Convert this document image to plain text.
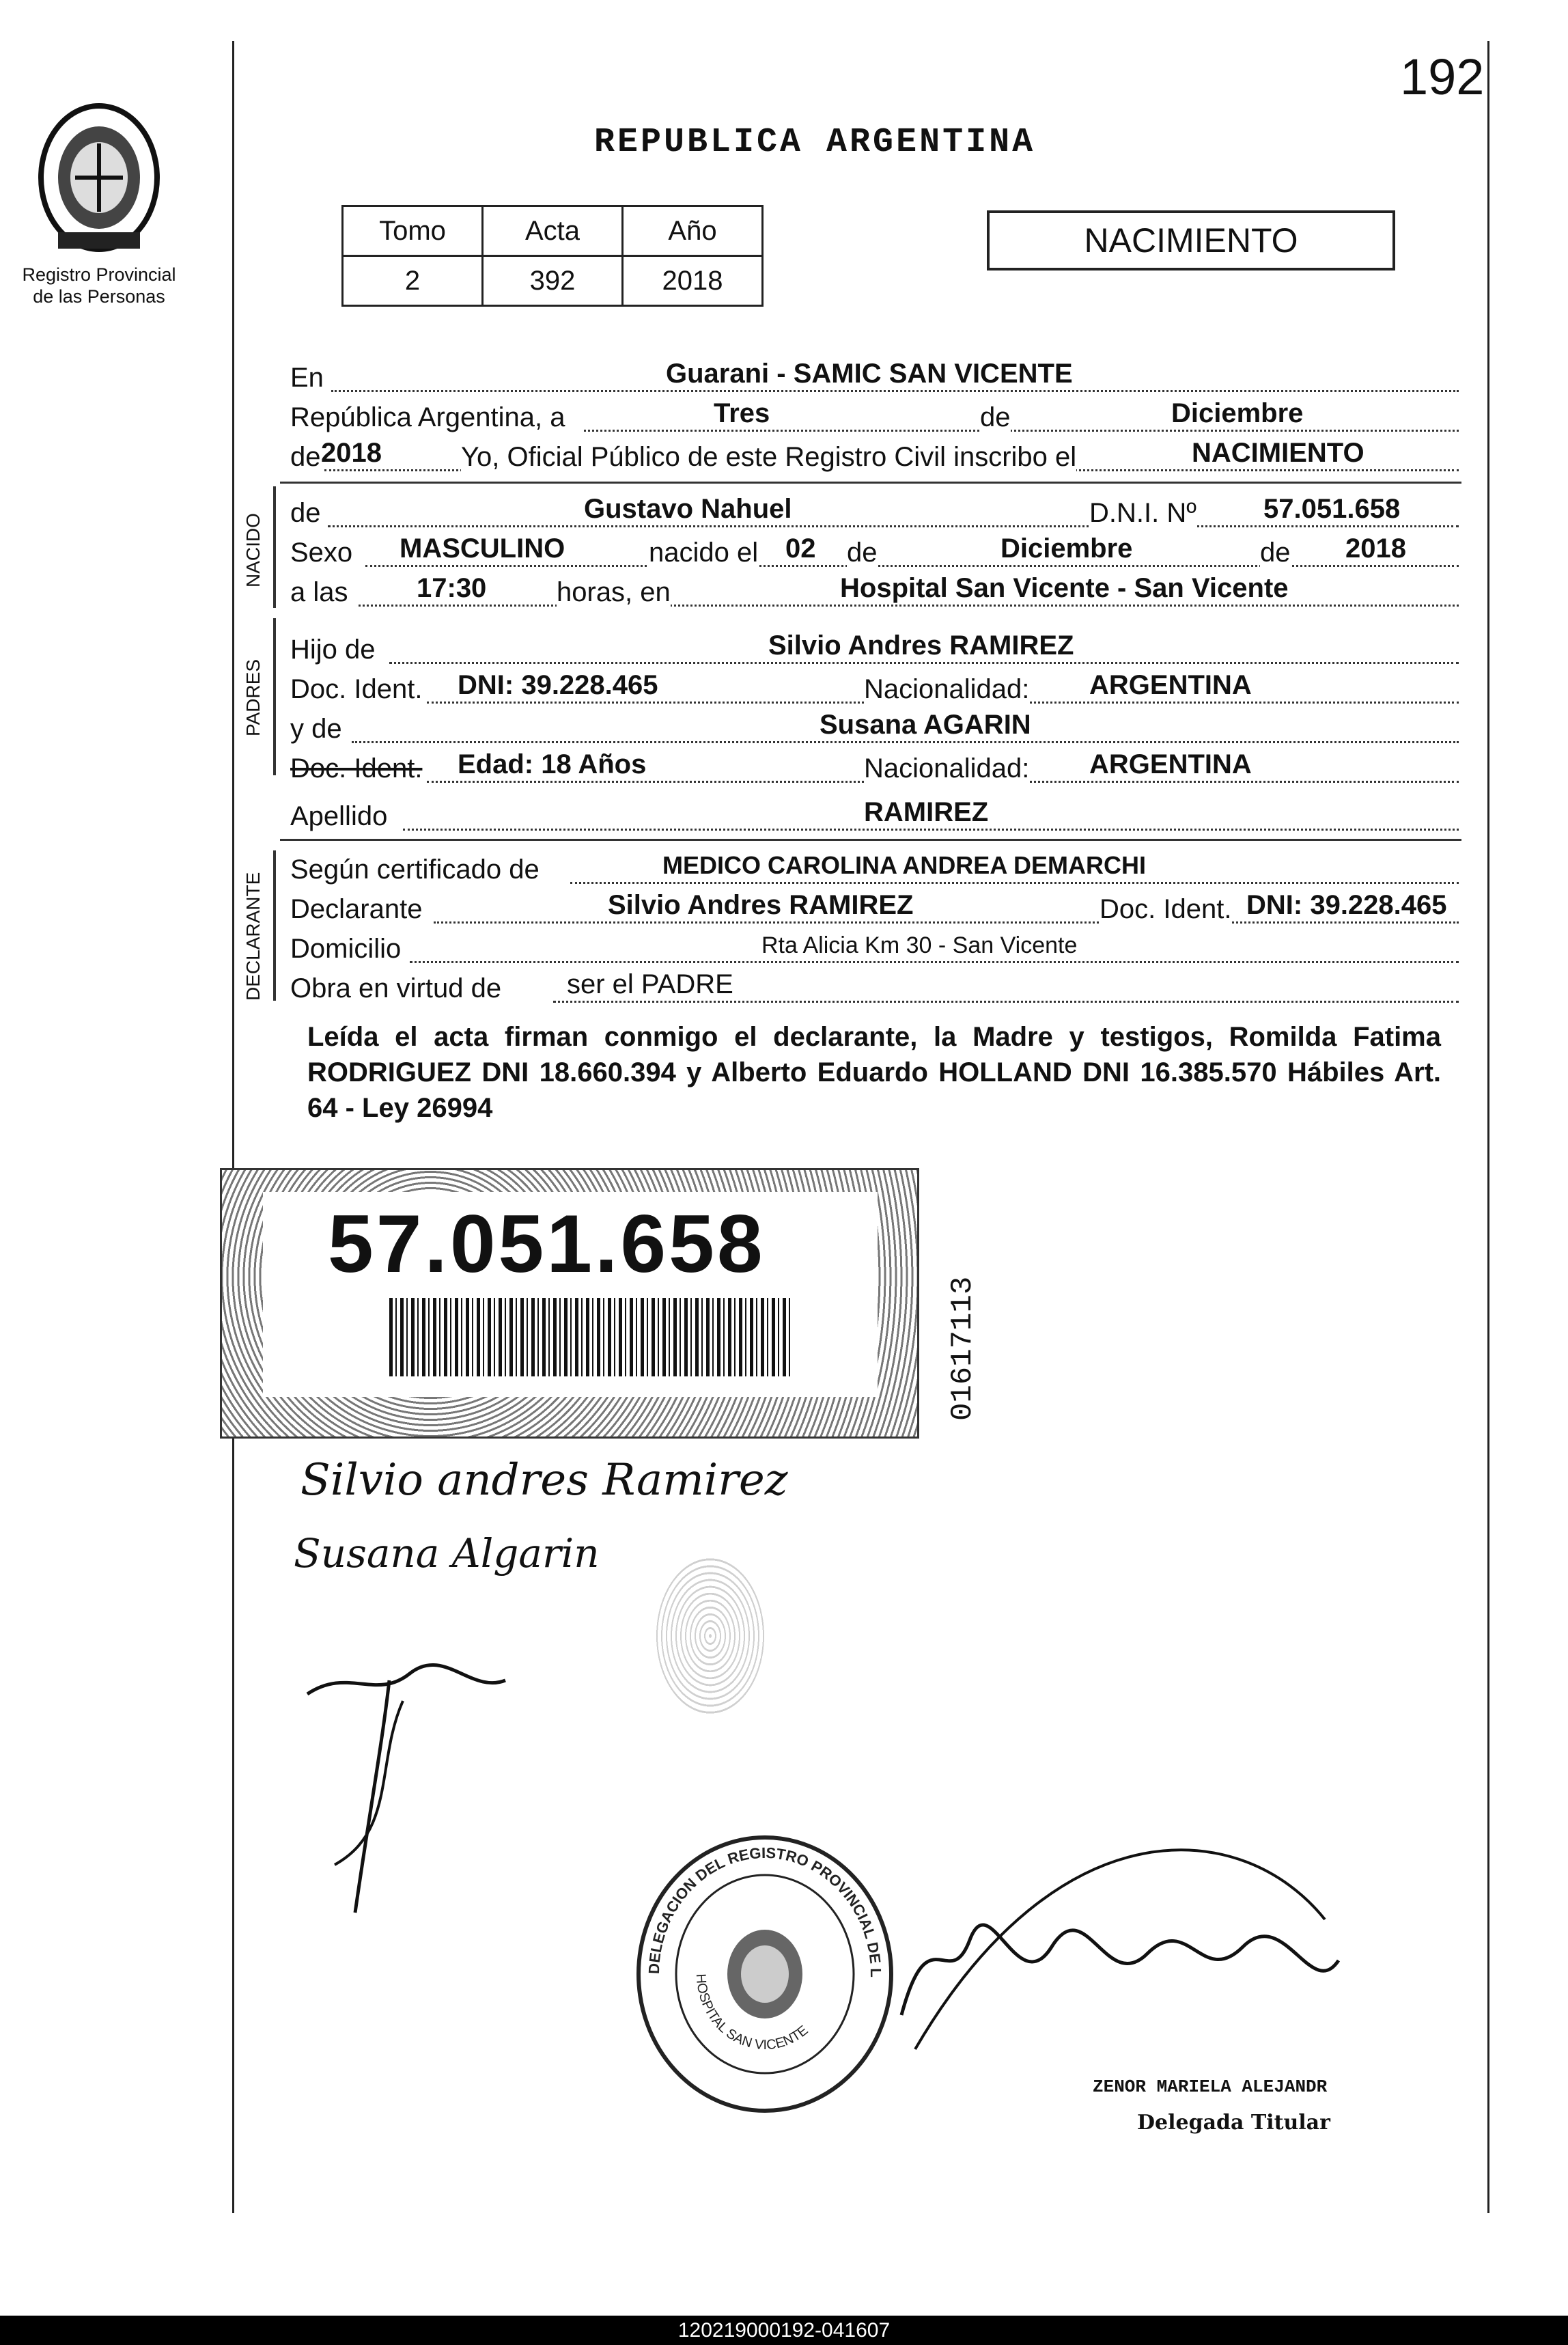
192
Registro Provincial
de las Personas
REPUBLICA ARGENTINA
Tomo	Acta	Año
2	392	2018
NACIMIENTO
En	Guarani - SAMIC SAN VICENTE
República Argentina, a	Tres	de	Diciembre
de 2018	Yo, Oficial Público de este Registro Civil inscribo el	NACIMIENTO
NACIDO
de	Gustavo Nahuel	D.N.I. Nº 57.051.658
Sexo MASCULINO	nacido el 02 de	Diciembre	de 2018
a las	17:30	horas, en	Hospital San Vicente - San Vicente
PADRES
Hijo de	Silvio Andres RAMIREZ
Doc. Ident. DNI: 39.228.465	Nacionalidad: ARGENTINA
y de	Susana AGARIN
Doc. Ident. Edad: 18 Años	Nacionalidad: ARGENTINA
Apellido	RAMIREZ
DECLARANTE
Según certificado de	MEDICO CAROLINA ANDREA DEMARCHI
Declarante	Silvio Andres RAMIREZ	Doc. Ident. DNI: 39.228.465
Domicilio	Rta Alicia Km 30 - San Vicente
Obra en virtud de ser el PADRE
Leída el acta firman conmigo el declarante, la Madre y testigos, Romilda Fatima RODRIGUEZ DNI 18.660.394 y Alberto Eduardo HOLLAND DNI 16.385.570 Hábiles Art. 64 - Ley 26994
57.051.658
01617113
Silvio andres Ramirez
Susana Algarin
DELEGACION DEL REGISTRO PROVINCIAL DE L
HOSPITAL SAN VICENTE
ZENOR MARIELA ALEJANDR
Delegada Titular
120219000192-041607
